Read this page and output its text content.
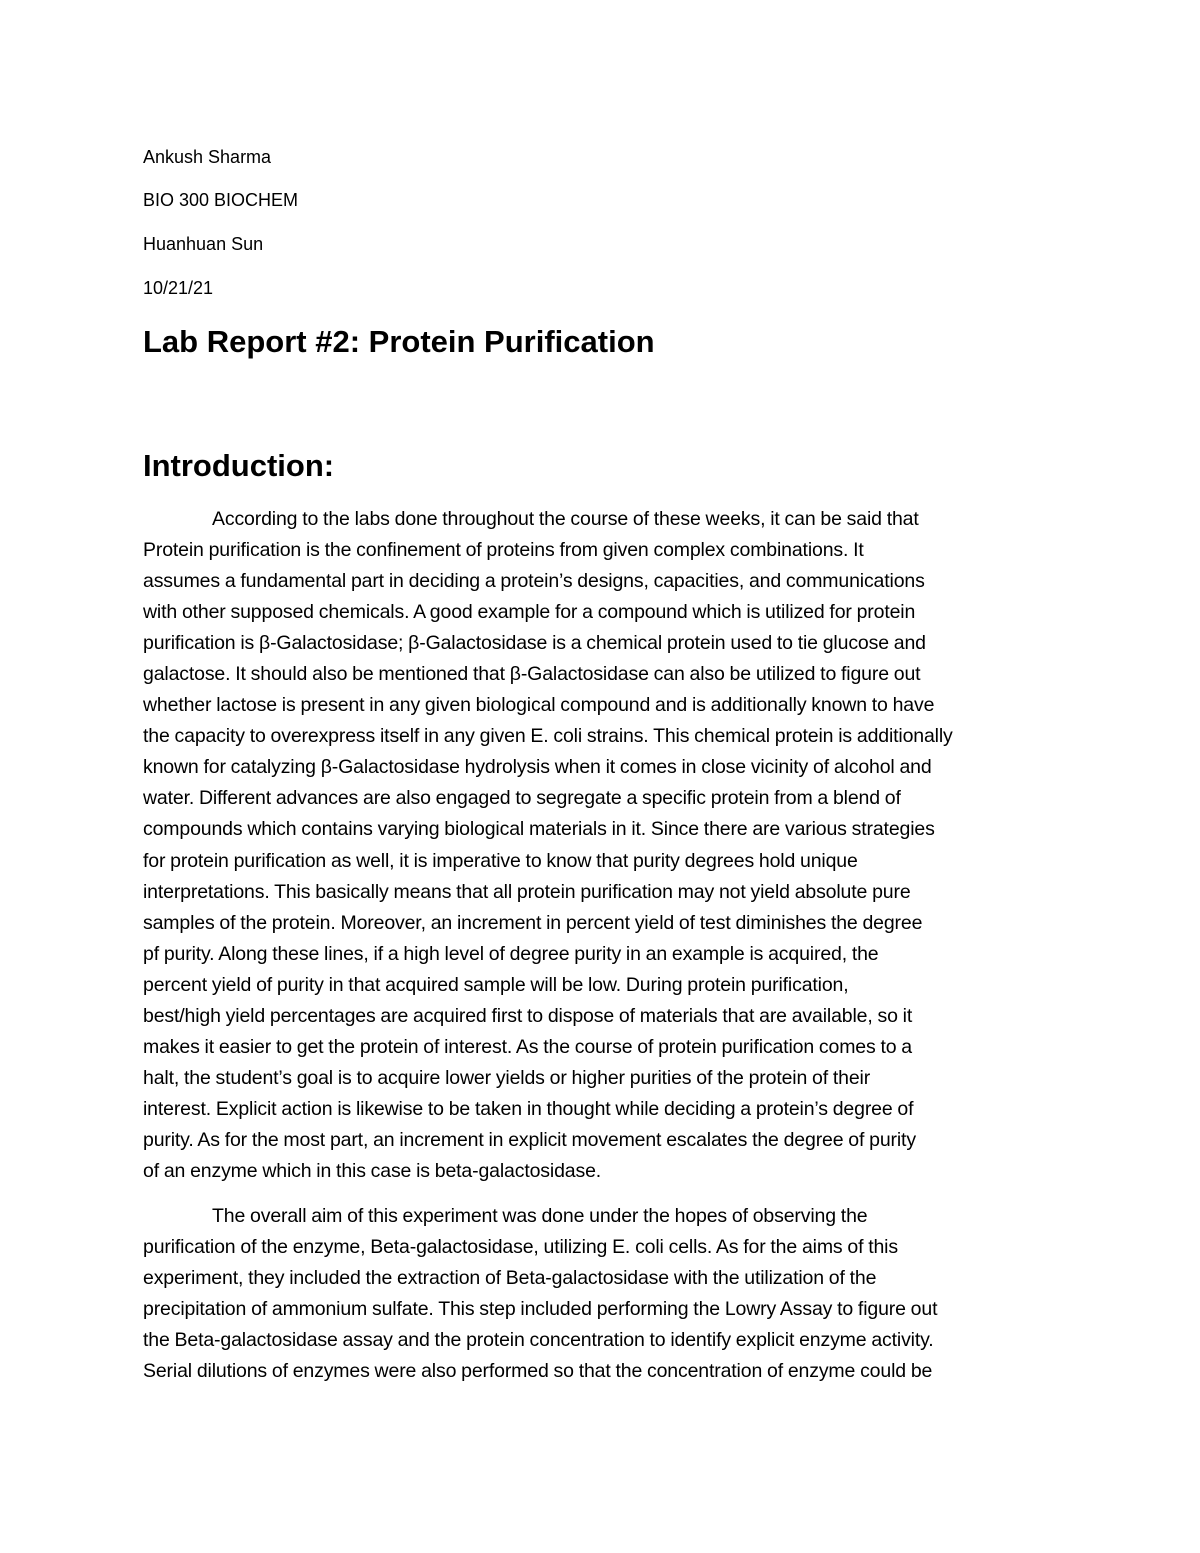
Ankush Sharma
BIO 300 BIOCHEM
Huanhuan Sun
10/21/21
Lab Report #2: Protein Purification
Introduction:
According to the labs done throughout the course of these weeks, it can be said that
Protein purification is the confinement of proteins from given complex combinations. It
assumes a fundamental part in deciding a protein’s designs, capacities, and communications
with other supposed chemicals. A good example for a compound which is utilized for protein
purification is β-Galactosidase; β-Galactosidase is a chemical protein used to tie glucose and
galactose. It should also be mentioned that β-Galactosidase can also be utilized to figure out
whether lactose is present in any given biological compound and is additionally known to have
the capacity to overexpress itself in any given E. coli strains. This chemical protein is additionally
known for catalyzing β-Galactosidase hydrolysis when it comes in close vicinity of alcohol and
water. Different advances are also engaged to segregate a specific protein from a blend of
compounds which contains varying biological materials in it. Since there are various strategies
for protein purification as well, it is imperative to know that purity degrees hold unique
interpretations. This basically means that all protein purification may not yield absolute pure
samples of the protein. Moreover, an increment in percent yield of test diminishes the degree
pf purity. Along these lines, if a high level of degree purity in an example is acquired, the
percent yield of purity in that acquired sample will be low. During protein purification,
best/high yield percentages are acquired first to dispose of materials that are available, so it
makes it easier to get the protein of interest. As the course of protein purification comes to a
halt, the student’s goal is to acquire lower yields or higher purities of the protein of their
interest. Explicit action is likewise to be taken in thought while deciding a protein’s degree of
purity. As for the most part, an increment in explicit movement escalates the degree of purity
of an enzyme which in this case is beta-galactosidase.
The overall aim of this experiment was done under the hopes of observing the
purification of the enzyme, Beta-galactosidase, utilizing E. coli cells. As for the aims of this
experiment, they included the extraction of Beta-galactosidase with the utilization of the
precipitation of ammonium sulfate. This step included performing the Lowry Assay to figure out
the Beta-galactosidase assay and the protein concentration to identify explicit enzyme activity.
Serial dilutions of enzymes were also performed so that the concentration of enzyme could be
